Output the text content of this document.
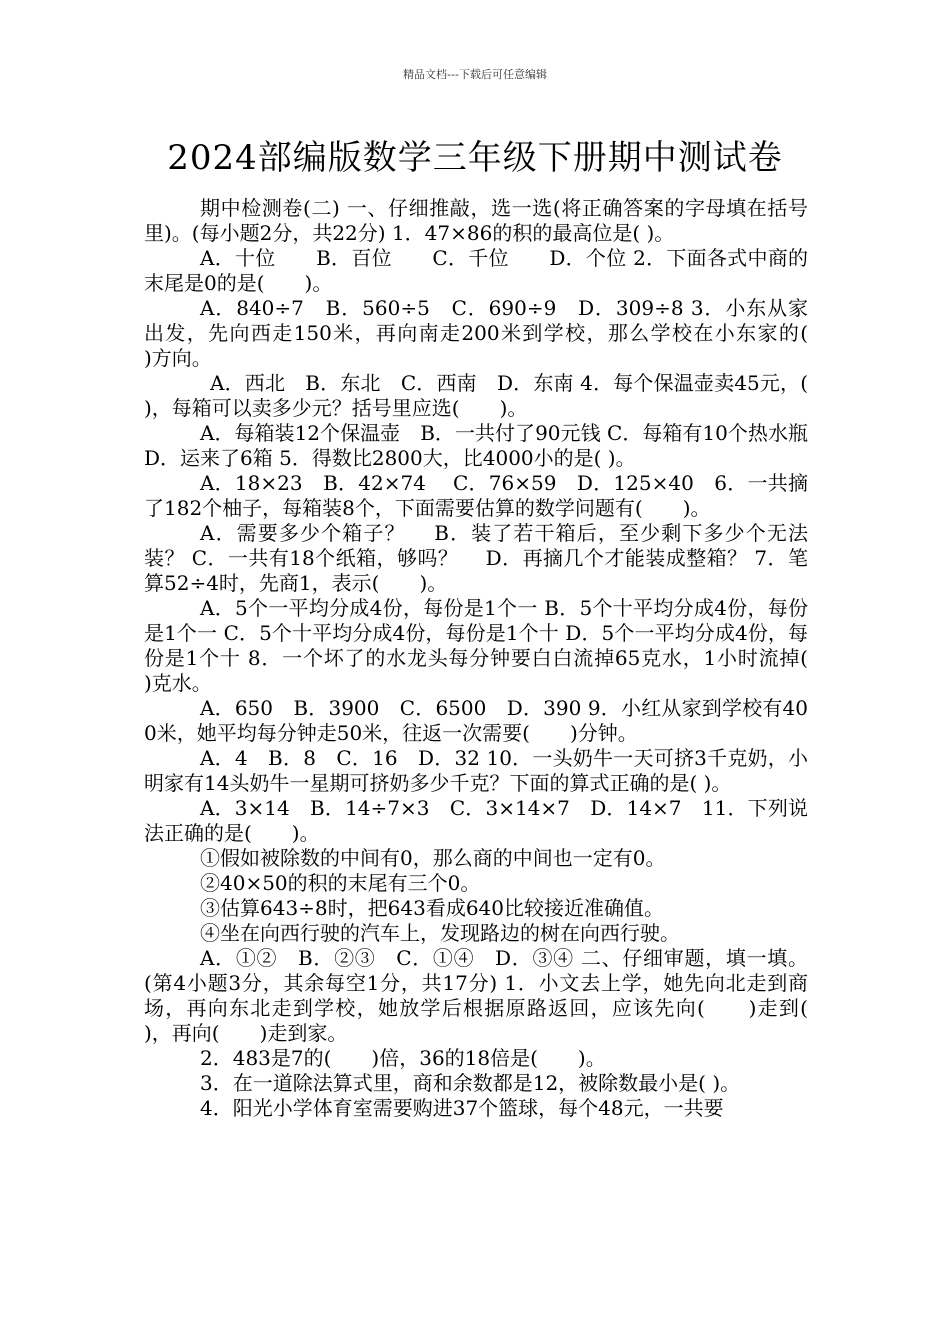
精品文档---下载后可任意编辑
2024部编版数学三年级下册期中测试卷

期中检测卷(二) 一、仔细推敲，选一选(将正确答案的字母填在括号里)。(每小题2分，共22分) 1．47×86的积的最高位是( )。

A．十位　　B．百位　　C．千位　　D．个位 2．下面各式中商的末尾是0的是(　　)。

A．840÷7　B．560÷5　C．690÷9　D．309÷8 3．小东从家出发，先向西走150米，再向南走200米到学校，那么学校在小东家的(　　)方向。

A．西北　B．东北　C．西南　D．东南 4．每个保温壶卖45元，(　　)，每箱可以卖多少元？括号里应选(　　)。

A．每箱装12个保温壶　B．一共付了90元钱 C．每箱有10个热水瓶　D．运来了6箱 5．得数比2800大，比4000小的是( )。

A．18×23　B．42×74　 C．76×59　D．125×40　6．一共摘了182个柚子，每箱装8个，下面需要估算的数学问题有(　　)。

A．需要多少个箱子？　 B．装了若干箱后，至少剩下多少个无法装？ C．一共有18个纸箱，够吗？　 D．再摘几个才能装成整箱？ 7．笔算52÷4时，先商1，表示(　　)。

A．5个一平均分成4份，每份是1个一 B．5个十平均分成4份，每份是1个一 C．5个十平均分成4份，每份是1个十 D．5个一平均分成4份，每份是1个十 8．一个坏了的水龙头每分钟要白白流掉65克水，1小时流掉(　　)克水。

A．650　B．3900　C．6500　D．390 9．小红从家到学校有400米，她平均每分钟走50米，往返一次需要(　　)分钟。

A．4　B．8　C．16　D．32 10．一头奶牛一天可挤3千克奶，小明家有14头奶牛一星期可挤奶多少千克？下面的算式正确的是( )。

A．3×14　B．14÷7×3　C．3×14×7　D．14×7　11．下列说法正确的是(　　)。

①假如被除数的中间有0，那么商的中间也一定有0。

②40×50的积的末尾有三个0。

③估算643÷8时，把643看成640比较接近准确值。

④坐在向西行驶的汽车上，发现路边的树在向西行驶。

A．①②　B．②③　C．①④　D．③④ 二、仔细审题，填一填。(第4小题3分，其余每空1分，共17分) 1．小文去上学，她先向北走到商场，再向东北走到学校，她放学后根据原路返回，应该先向(　　)走到(　　)，再向(　　)走到家。

2．483是7的(　　)倍，36的18倍是(　　)。

3．在一道除法算式里，商和余数都是12，被除数最小是( )。

4．阳光小学体育室需要购进37个篮球，每个48元，一共要
